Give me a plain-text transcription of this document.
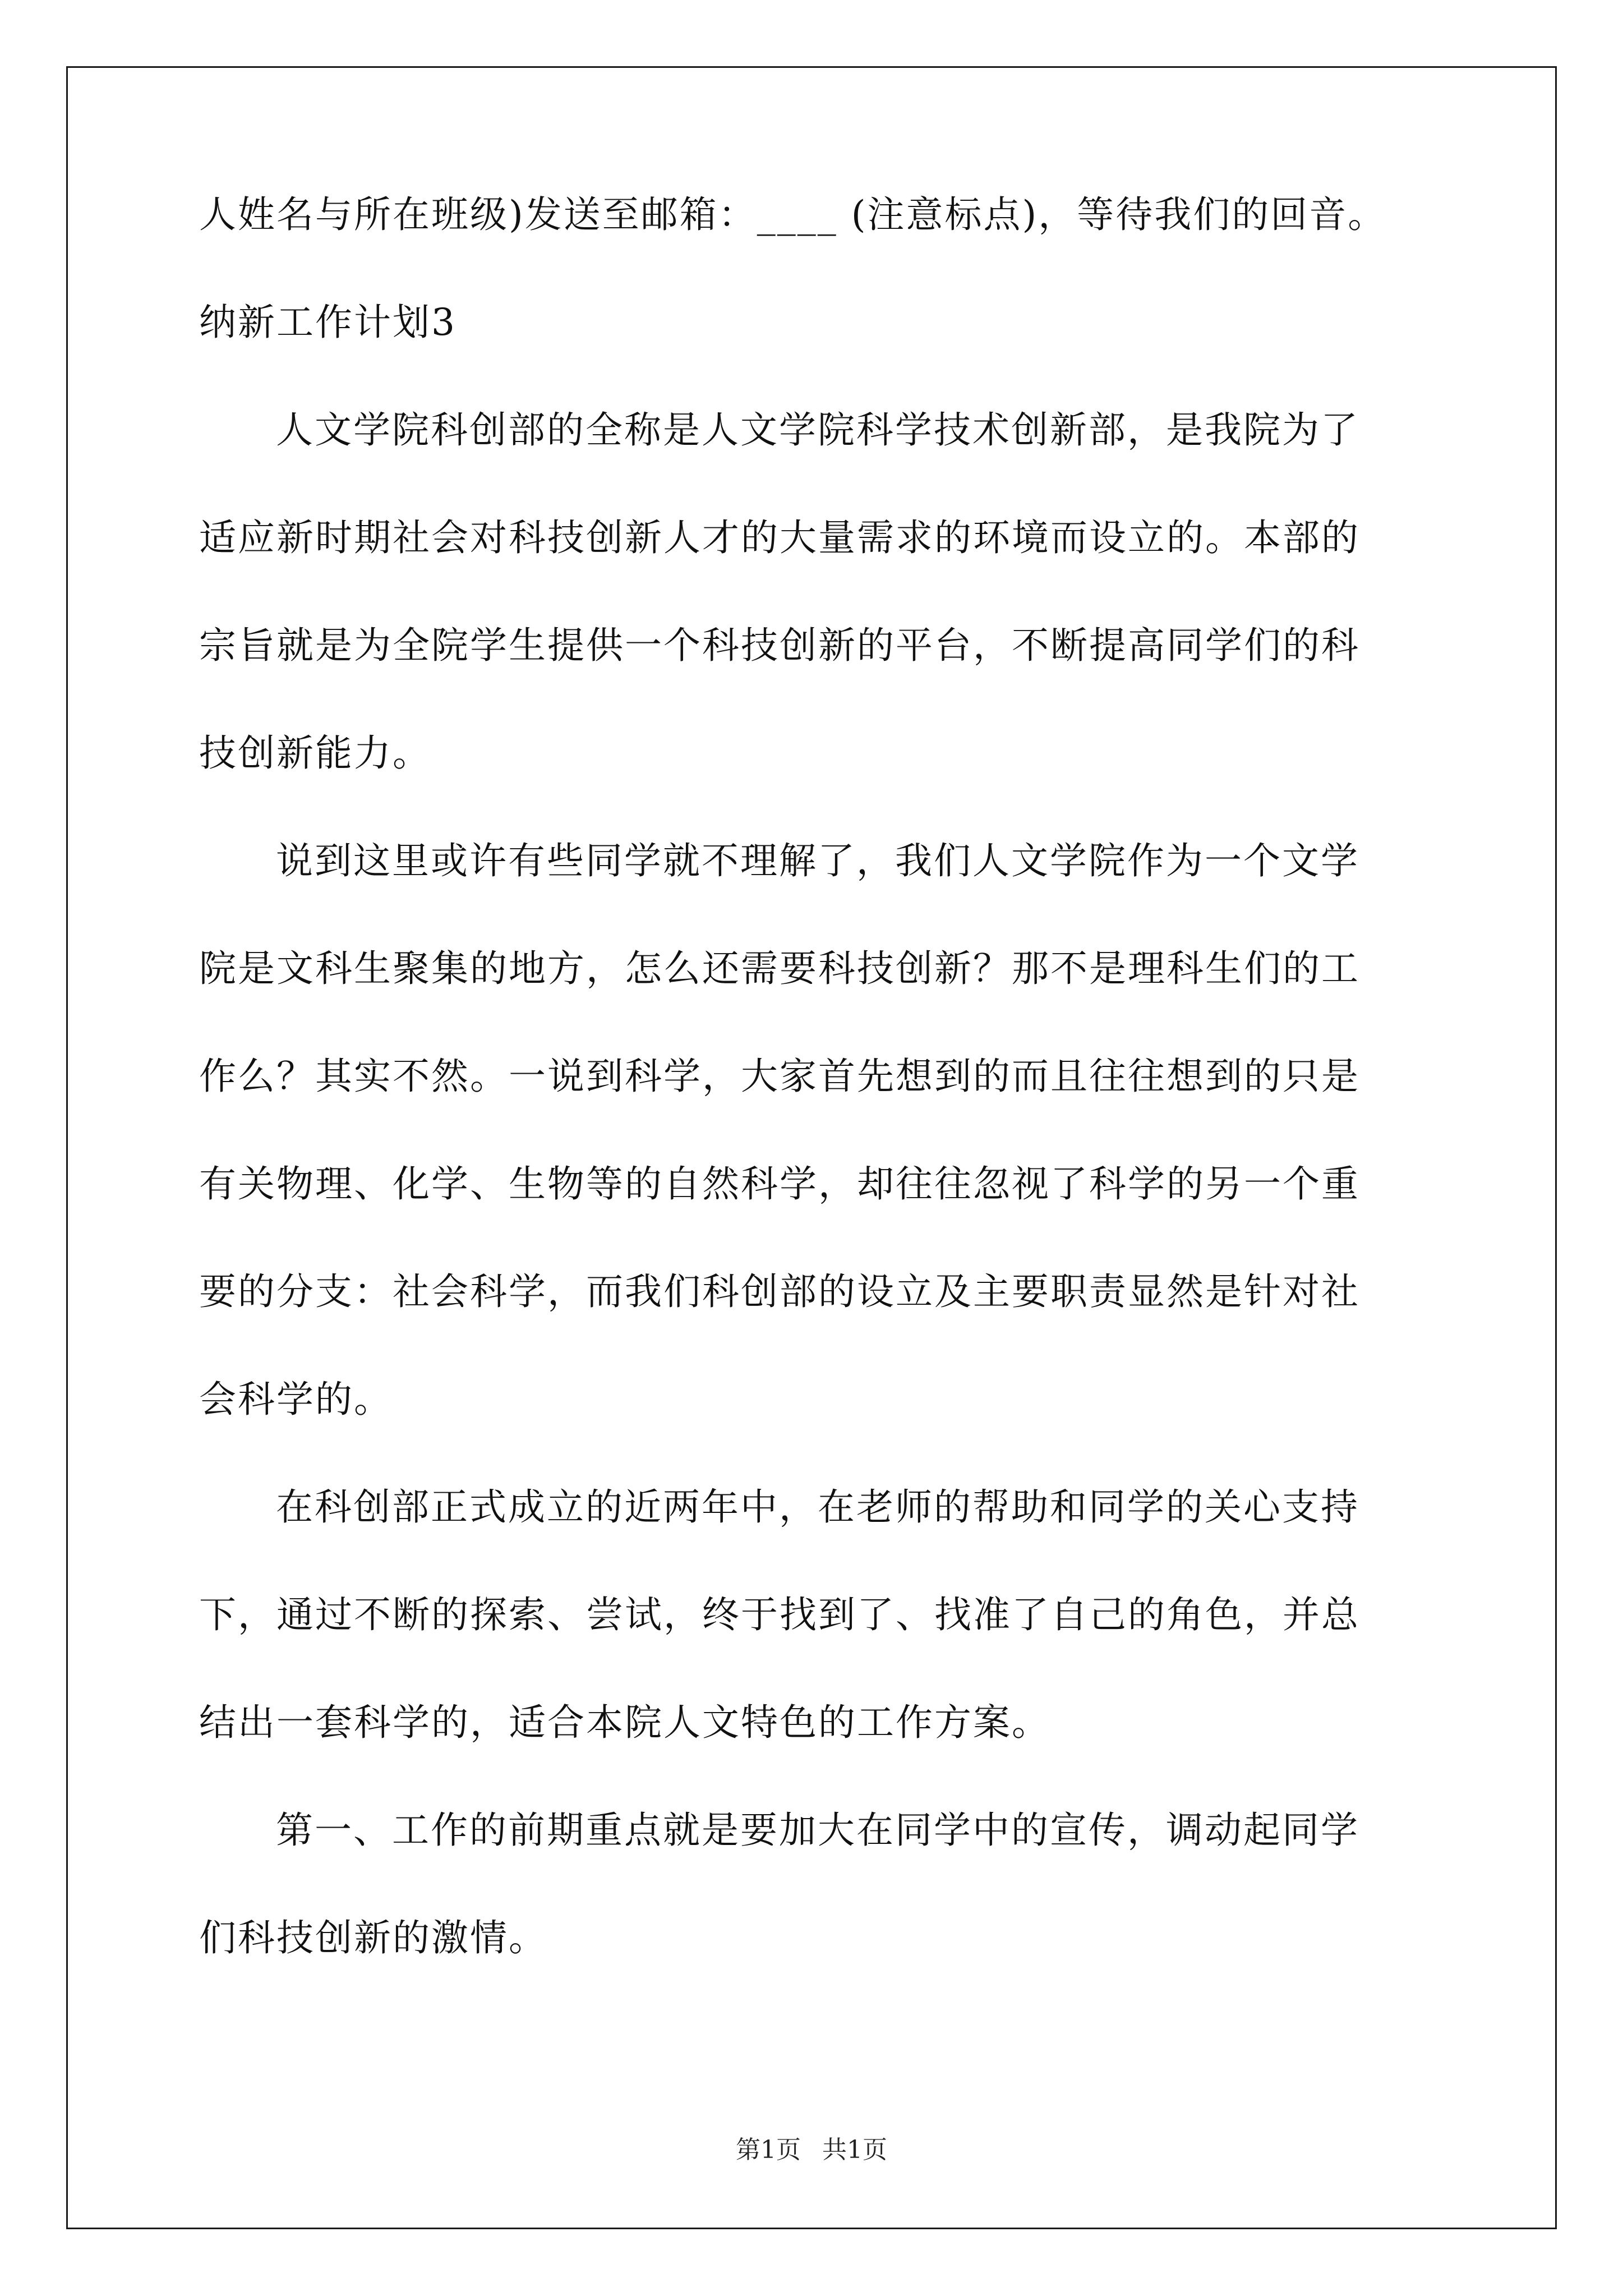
人姓名与所在班级)发送至邮箱：____ (注意标点)，等待我们的回音。
纳新工作计划3
人文学院科创部的全称是人文学院科学技术创新部，是我院为了
适应新时期社会对科技创新人才的大量需求的环境而设立的。本部的
宗旨就是为全院学生提供一个科技创新的平台，不断提高同学们的科
技创新能力。
说到这里或许有些同学就不理解了，我们人文学院作为一个文学
院是文科生聚集的地方，怎么还需要科技创新？那不是理科生们的工
作么？其实不然。一说到科学，大家首先想到的而且往往想到的只是
有关物理、化学、生物等的自然科学，却往往忽视了科学的另一个重
要的分支：社会科学，而我们科创部的设立及主要职责显然是针对社
会科学的。
在科创部正式成立的近两年中，在老师的帮助和同学的关心支持
下，通过不断的探索、尝试，终于找到了、找准了自己的角色，并总
结出一套科学的，适合本院人文特色的工作方案。
第一、工作的前期重点就是要加大在同学中的宣传，调动起同学
们科技创新的激情。
第1页 共1页
